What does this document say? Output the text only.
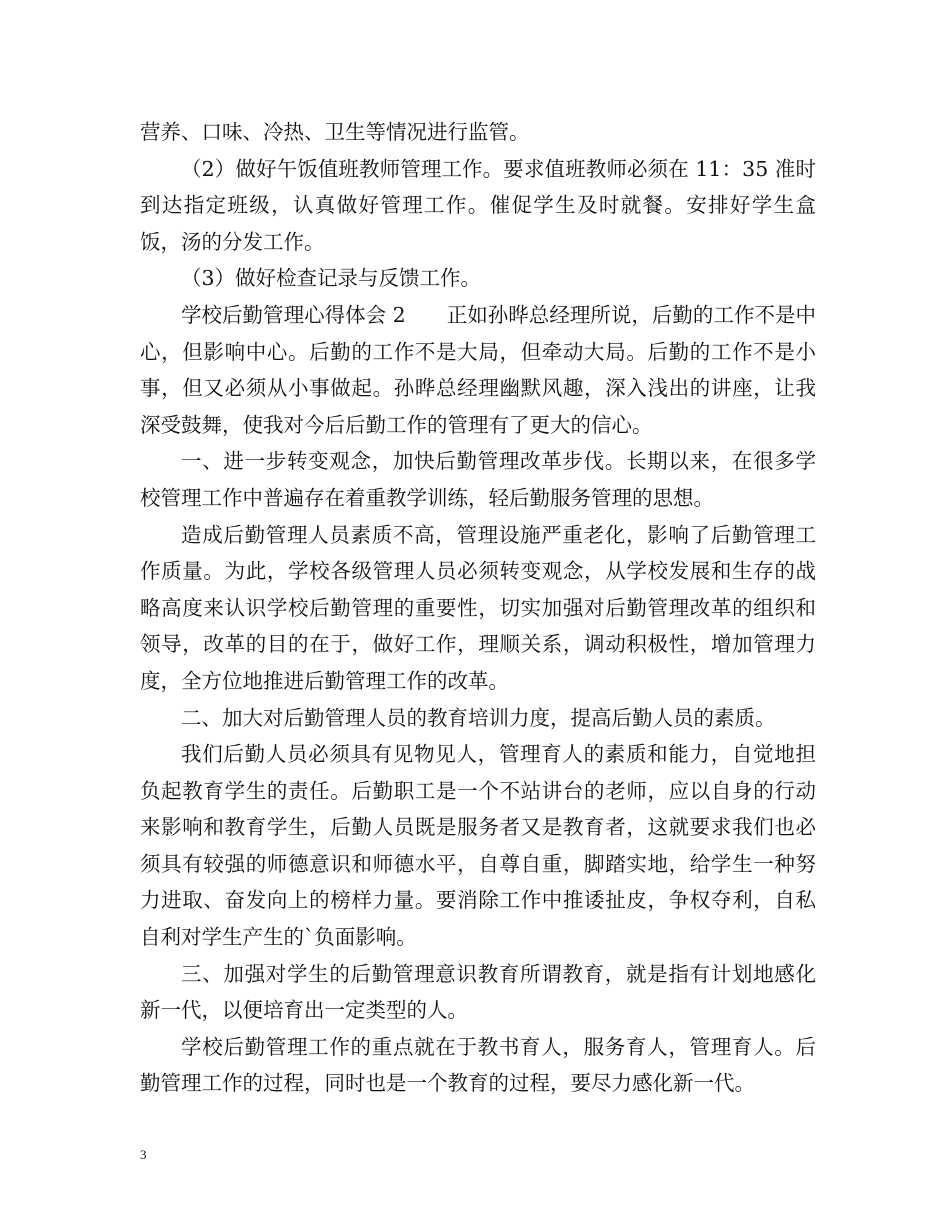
营养、口味、冷热、卫生等情况进行监管。

（2）做好午饭值班教师管理工作。要求值班教师必须在 11：35 准时到达指定班级，认真做好管理工作。催促学生及时就餐。安排好学生盒饭，汤的分发工作。

（3）做好检查记录与反馈工作。

学校后勤管理心得体会 2　　正如孙晔总经理所说，后勤的工作不是中心，但影响中心。后勤的工作不是大局，但牵动大局。后勤的工作不是小事，但又必须从小事做起。孙晔总经理幽默风趣，深入浅出的讲座，让我深受鼓舞，使我对今后后勤工作的管理有了更大的信心。

一、进一步转变观念，加快后勤管理改革步伐。长期以来，在很多学校管理工作中普遍存在着重教学训练，轻后勤服务管理的思想。

造成后勤管理人员素质不高，管理设施严重老化，影响了后勤管理工作质量。为此，学校各级管理人员必须转变观念，从学校发展和生存的战略高度来认识学校后勤管理的重要性，切实加强对后勤管理改革的组织和领导，改革的目的在于，做好工作，理顺关系，调动积极性，增加管理力度，全方位地推进后勤管理工作的改革。

二、加大对后勤管理人员的教育培训力度，提高后勤人员的素质。

我们后勤人员必须具有见物见人，管理育人的素质和能力，自觉地担负起教育学生的责任。后勤职工是一个不站讲台的老师，应以自身的行动来影响和教育学生，后勤人员既是服务者又是教育者，这就要求我们也必须具有较强的师德意识和师德水平，自尊自重，脚踏实地，给学生一种努力进取、奋发向上的榜样力量。要消除工作中推诿扯皮，争权夺利，自私自利对学生产生的`负面影响。

三、加强对学生的后勤管理意识教育所谓教育，就是指有计划地感化新一代，以便培育出一定类型的人。

学校后勤管理工作的重点就在于教书育人，服务育人，管理育人。后勤管理工作的过程，同时也是一个教育的过程，要尽力感化新一代。

3
